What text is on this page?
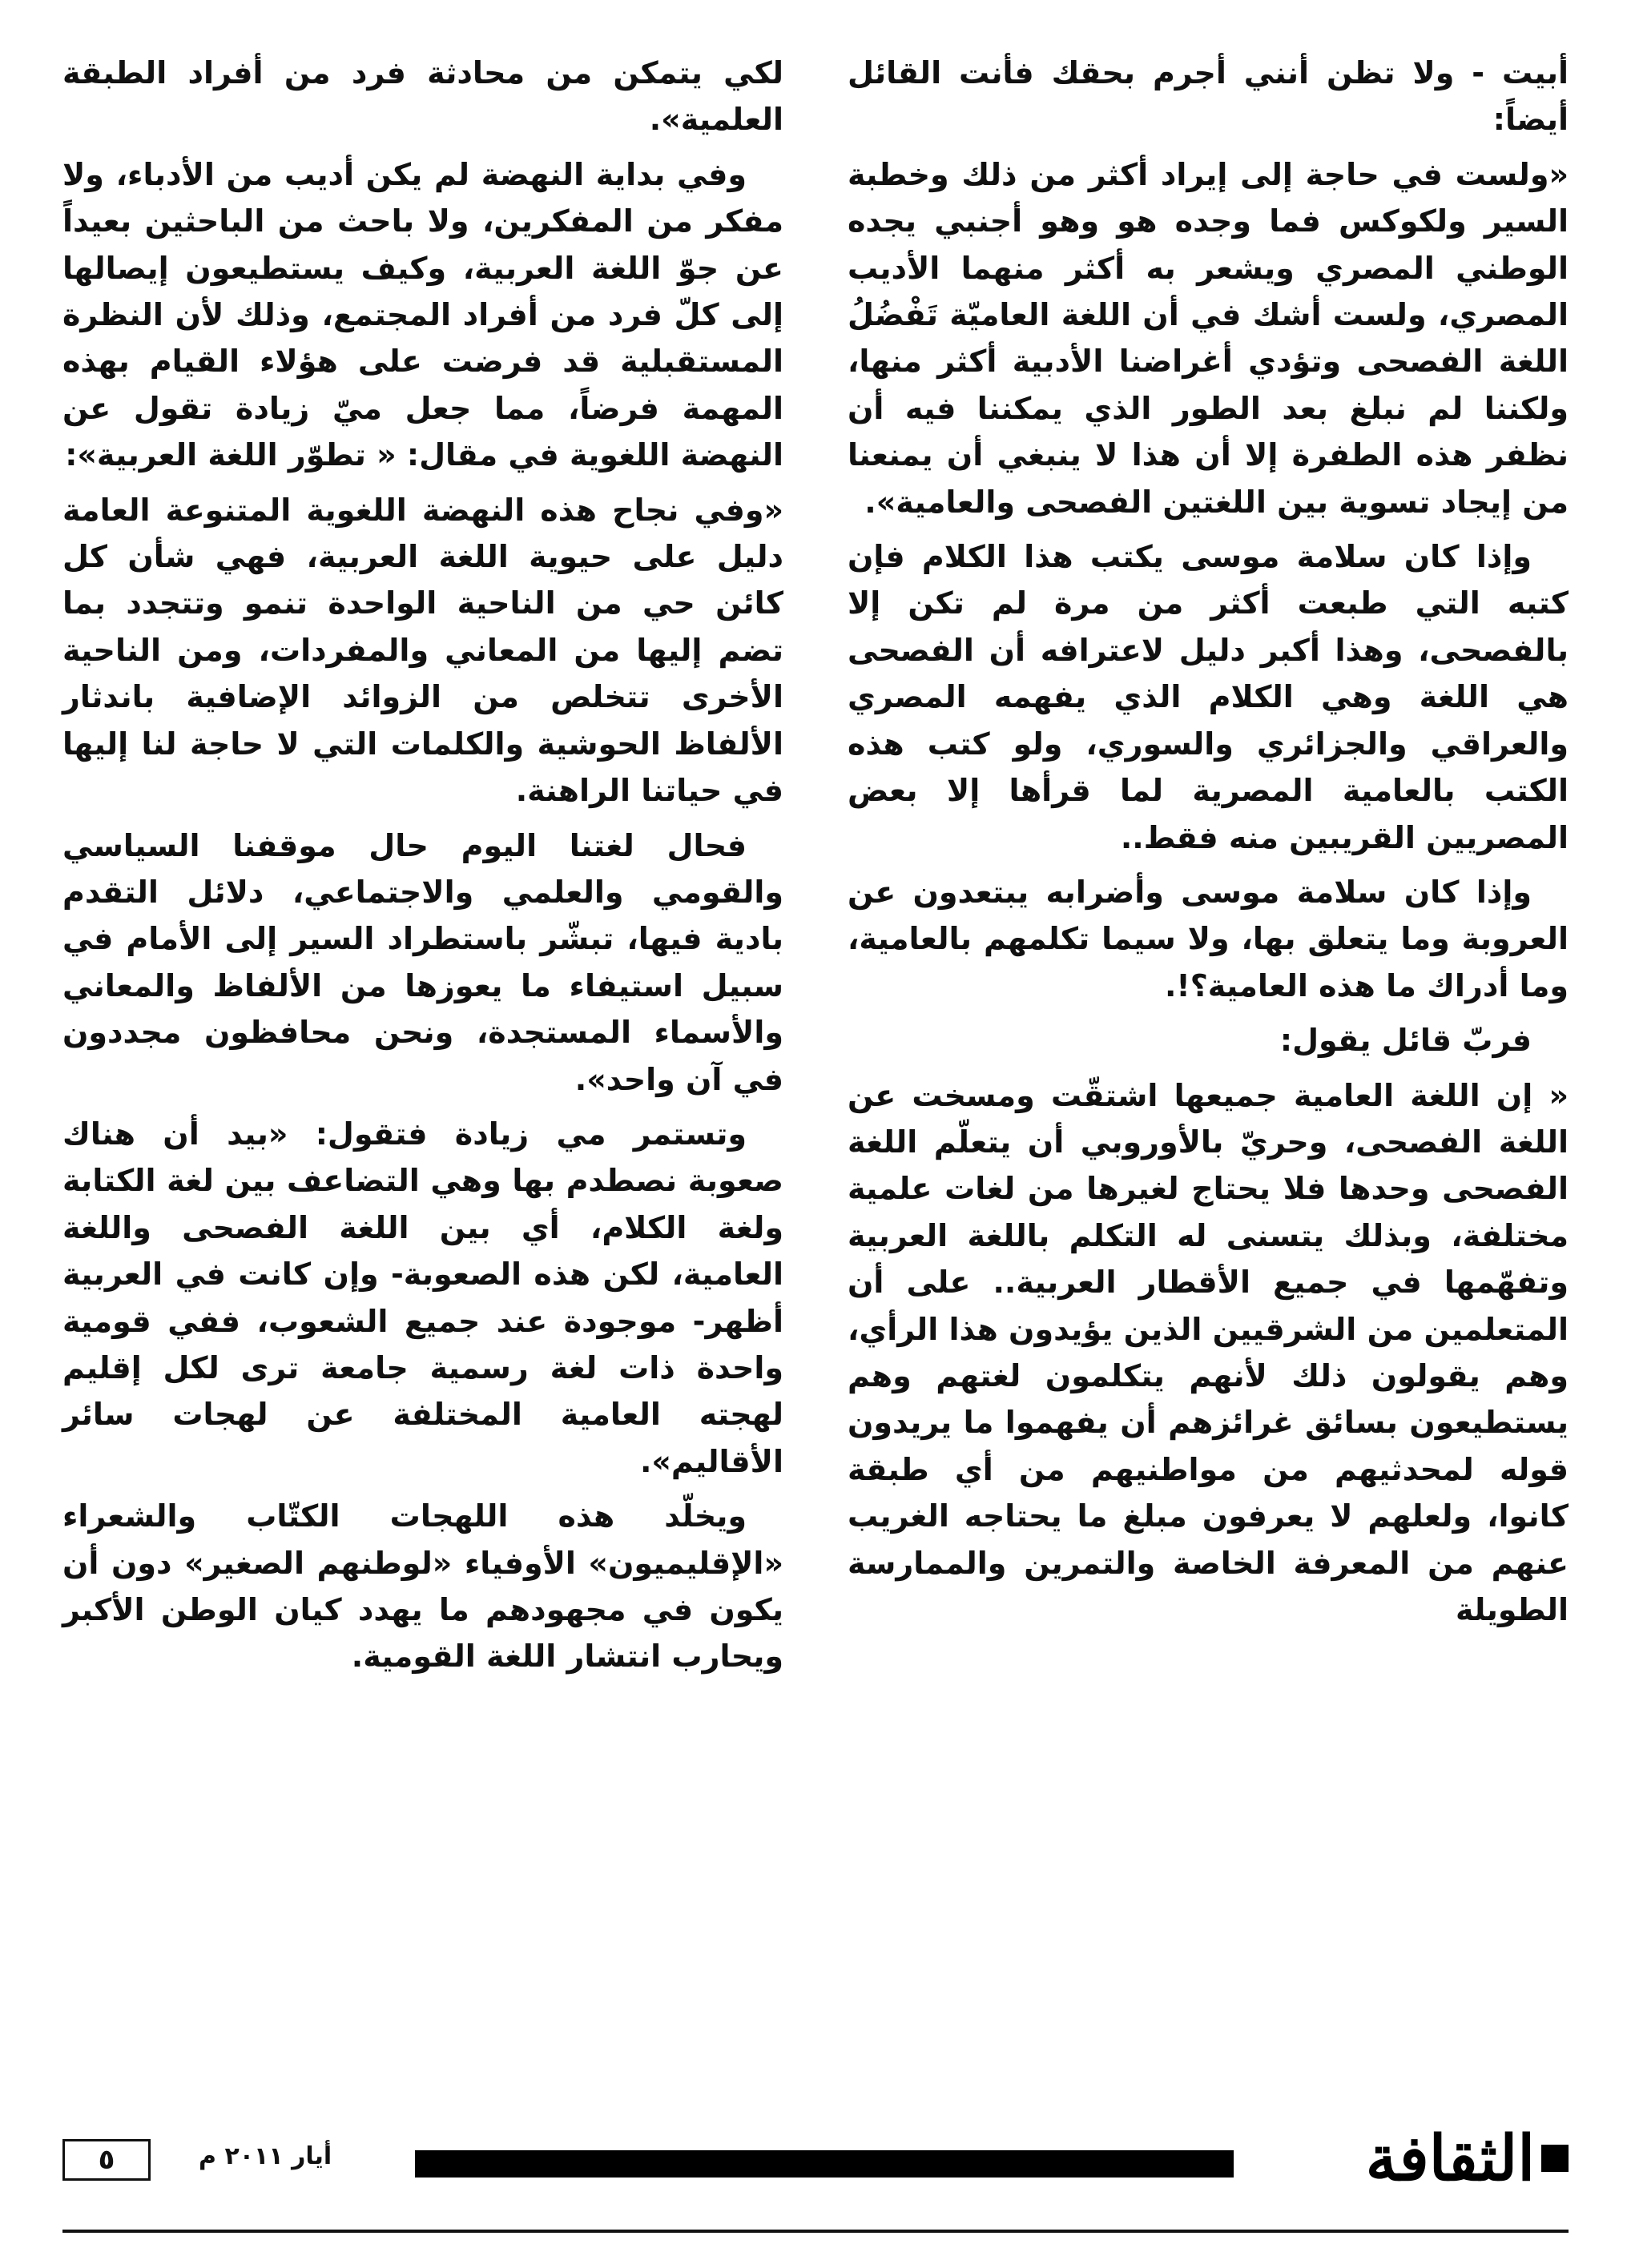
أبيت - ولا تظن أنني أجرم بحقك فأنت القائل أيضاً:

«ولست في حاجة إلى إيراد أكثر من ذلك وخطبة السير ولكوكس فما وجده هو وهو أجنبي يجده الوطني المصري ويشعر به أكثر منهما الأديب المصري، ولست أشك في أن اللغة العاميّة تَفْضُلُ اللغة الفصحى وتؤدي أغراضنا الأدبية أكثر منها، ولكننا لم نبلغ بعد الطور الذي يمكننا فيه أن نظفر هذه الطفرة إلا أن هذا لا ينبغي أن يمنعنا من إيجاد تسوية بين اللغتين الفصحى والعامية».

وإذا كان سلامة موسى يكتب هذا الكلام فإن كتبه التي طبعت أكثر من مرة لم تكن إلا بالفصحى، وهذا أكبر دليل لاعترافه أن الفصحى هي اللغة وهي الكلام الذي يفهمه المصري والعراقي والجزائري والسوري، ولو كتب هذه الكتب بالعامية المصرية لما قرأها إلا بعض المصريين القريبين منه فقط..

وإذا كان سلامة موسى وأضرابه يبتعدون عن العروبة وما يتعلق بها، ولا سيما تكلمهم بالعامية، وما أدراك ما هذه العامية؟!.

فربّ قائل يقول:

« إن اللغة العامية جميعها اشتقّت ومسخت عن اللغة الفصحى، وحريّ بالأوروبي أن يتعلّم اللغة الفصحى وحدها فلا يحتاج لغيرها من لغات علمية مختلفة، وبذلك يتسنى له التكلم باللغة العربية وتفهّمها في جميع الأقطار العربية.. على أن المتعلمين من الشرقيين الذين يؤيدون هذا الرأي، وهم يقولون ذلك لأنهم يتكلمون لغتهم وهم يستطيعون بسائق غرائزهم أن يفهموا ما يريدون قوله لمحدثيهم من مواطنيهم من أي طبقة كانوا، ولعلهم لا يعرفون مبلغ ما يحتاجه الغريب عنهم من المعرفة الخاصة والتمرين والممارسة الطويلة

لكي يتمكن من محادثة فرد من أفراد الطبقة العلمية».

وفي بداية النهضة لم يكن أديب من الأدباء، ولا مفكر من المفكرين، ولا باحث من الباحثين بعيداً عن جوّ اللغة العربية، وكيف يستطيعون إيصالها إلى كلّ فرد من أفراد المجتمع، وذلك لأن النظرة المستقبلية قد فرضت على هؤلاء القيام بهذه المهمة فرضاً، مما جعل ميّ زيادة تقول عن النهضة اللغوية في مقال: « تطوّر اللغة العربية»:

«وفي نجاح هذه النهضة اللغوية المتنوعة العامة دليل على حيوية اللغة العربية، فهي شأن كل كائن حي من الناحية الواحدة تنمو وتتجدد بما تضم إليها من المعاني والمفردات، ومن الناحية الأخرى تتخلص من الزوائد الإضافية باندثار الألفاظ الحوشية والكلمات التي لا حاجة لنا إليها في حياتنا الراهنة.

فحال لغتنا اليوم حال موقفنا السياسي والقومي والعلمي والاجتماعي، دلائل التقدم بادية فيها، تبشّر باستطراد السير إلى الأمام في سبيل استيفاء ما يعوزها من الألفاظ والمعاني والأسماء المستجدة، ونحن محافظون مجددون في آن واحد».

وتستمر مي زيادة فتقول: «بيد أن هناك صعوبة نصطدم بها وهي التضاعف بين لغة الكتابة ولغة الكلام، أي بين اللغة الفصحى واللغة العامية، لكن هذه الصعوبة- وإن كانت في العربية أظهر- موجودة عند جميع الشعوب، ففي قومية واحدة ذات لغة رسمية جامعة ترى لكل إقليم لهجته العامية المختلفة عن لهجات سائر الأقاليم».

ويخلّد هذه اللهجات الكتّاب والشعراء «الإقليميون» الأوفياء «لوطنهم الصغير» دون أن يكون في مجهودهم ما يهدد كيان الوطن الأكبر ويحارب انتشار اللغة القومية.

الثقافة
أيار ٢٠١١ م
٥
